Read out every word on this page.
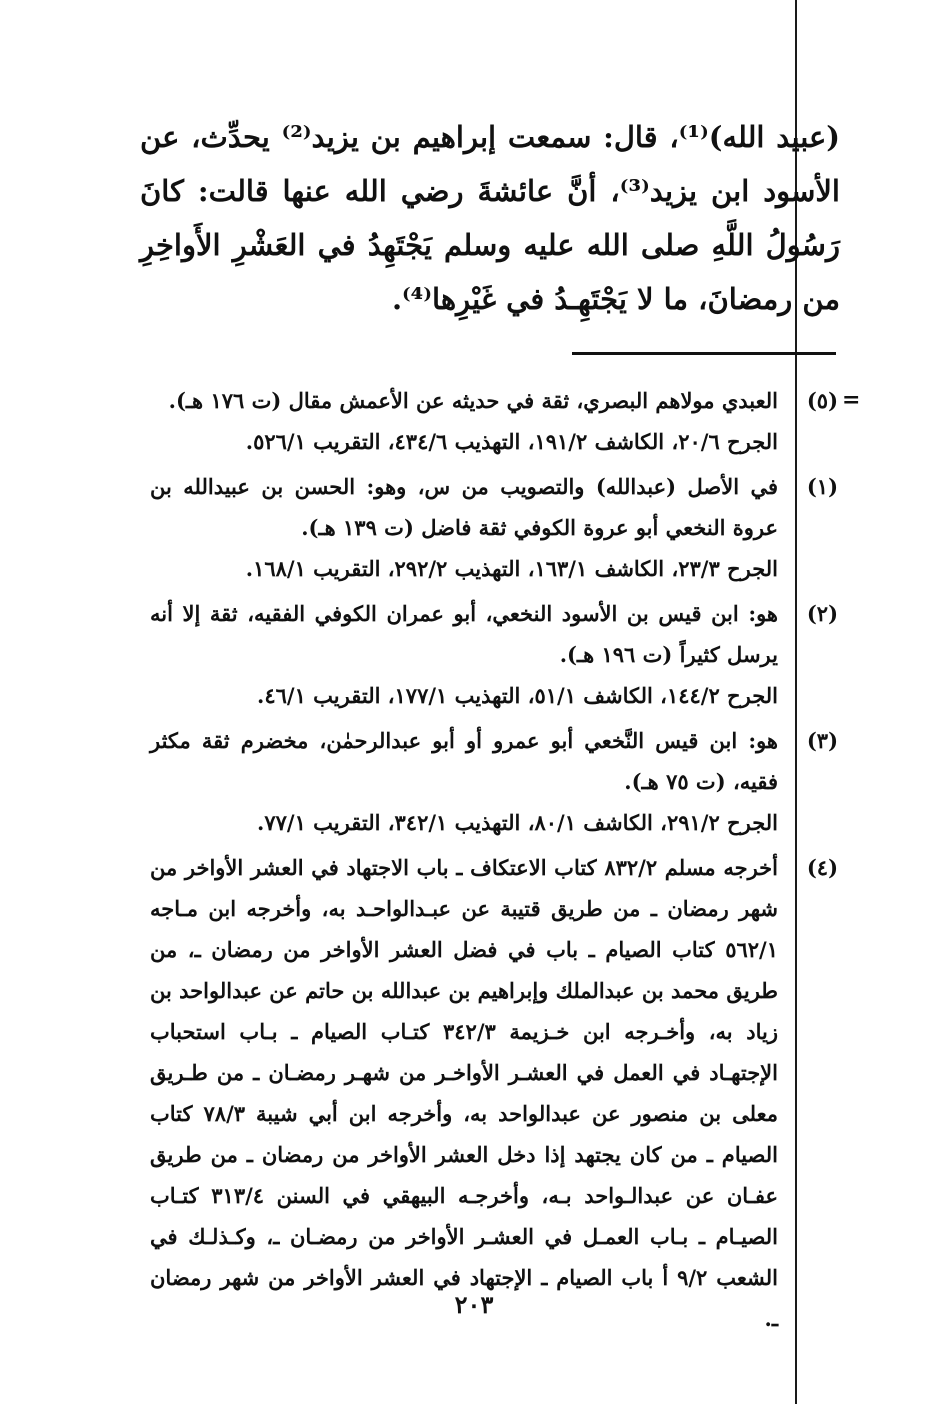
(عبيد الله)⁽¹⁾، قال: سمعت إبراهيم بن يزيد⁽²⁾ يحدِّث، عن الأسود ابن يزيد⁽³⁾، أنَّ عائشةَ رضي الله عنها قالت: كانَ رَسُولُ اللَّهِ صلى الله عليه وسلم يَجْتَهِدُ في العَشْرِ الأَواخِرِ من رمضانَ، ما لا يَجْتَهِـدُ في غَيْرِها⁽⁴⁾.
=
(٥)

العبدي مولاهم البصري، ثقة في حديثه عن الأعمش مقال (ت ١٧٦ هـ).

الجرح ٢٠/٦، الكاشف ١٩١/٢، التهذيب ٤٣٤/٦، التقريب ٥٢٦/١.

(١)

في الأصل (عبدالله) والتصويب من س، وهو: الحسن بن عبيدالله بن عروة النخعي أبو عروة الكوفي ثقة فاضل (ت ١٣٩ هـ).

الجرح ٢٣/٣، الكاشف ١٦٣/١، التهذيب ٢٩٢/٢، التقريب ١٦٨/١.

(٢)

هو: ابن قيس بن الأسود النخعي، أبو عمران الكوفي الفقيه، ثقة إلا أنه يرسل كثيراً (ت ١٩٦ هـ).

الجرح ١٤٤/٢، الكاشف ٥١/١، التهذيب ١٧٧/١، التقريب ٤٦/١.

(٣)

هو: ابن قيس النَّخعي أبو عمرو أو أبو عبدالرحمٰن، مخضرم ثقة مكثر فقيه، (ت ٧٥ هـ).

الجرح ٢٩١/٢، الكاشف ٨٠/١، التهذيب ٣٤٢/١، التقريب ٧٧/١.

(٤)

أخرجه مسلم ٨٣٢/٢ كتاب الاعتكاف ـ باب الاجتهاد في العشر الأواخر من شهر رمضان ـ من طريق قتيبة عن عبـدالواحـد به، وأخرجه ابن مـاجه ٥٦٢/١ كتاب الصيام ـ باب في فضل العشر الأواخر من رمضان ـ، من طريق محمد بن عبدالملك وإبراهيم بن عبدالله بن حاتم عن عبدالواحد بن زياد به، وأخـرجه ابن خـزيمة ٣٤٢/٣ كتـاب الصيام ـ بـاب استحباب الإجتهـاد في العمل في العشـر الأواخـر من شهـر رمضـان ـ من طـريق معلى بن منصور عن عبدالواحد به، وأخرجه ابن أبي شيبة ٧٨/٣ كتاب الصيام ـ من كان يجتهد إذا دخل العشر الأواخر من رمضان ـ من طريق عفـان عن عبدالـواحد بـه، وأخرجـه البيهقي في السنن ٣١٣/٤ كتـاب الصيـام ـ بـاب العمـل في العشـر الأواخر من رمضـان ـ، وكـذلـك في الشعب ٩/٢ أ باب الصيام ـ الإجتهاد في العشر الأواخر من شهر رمضان ـ.

٢٠٣
